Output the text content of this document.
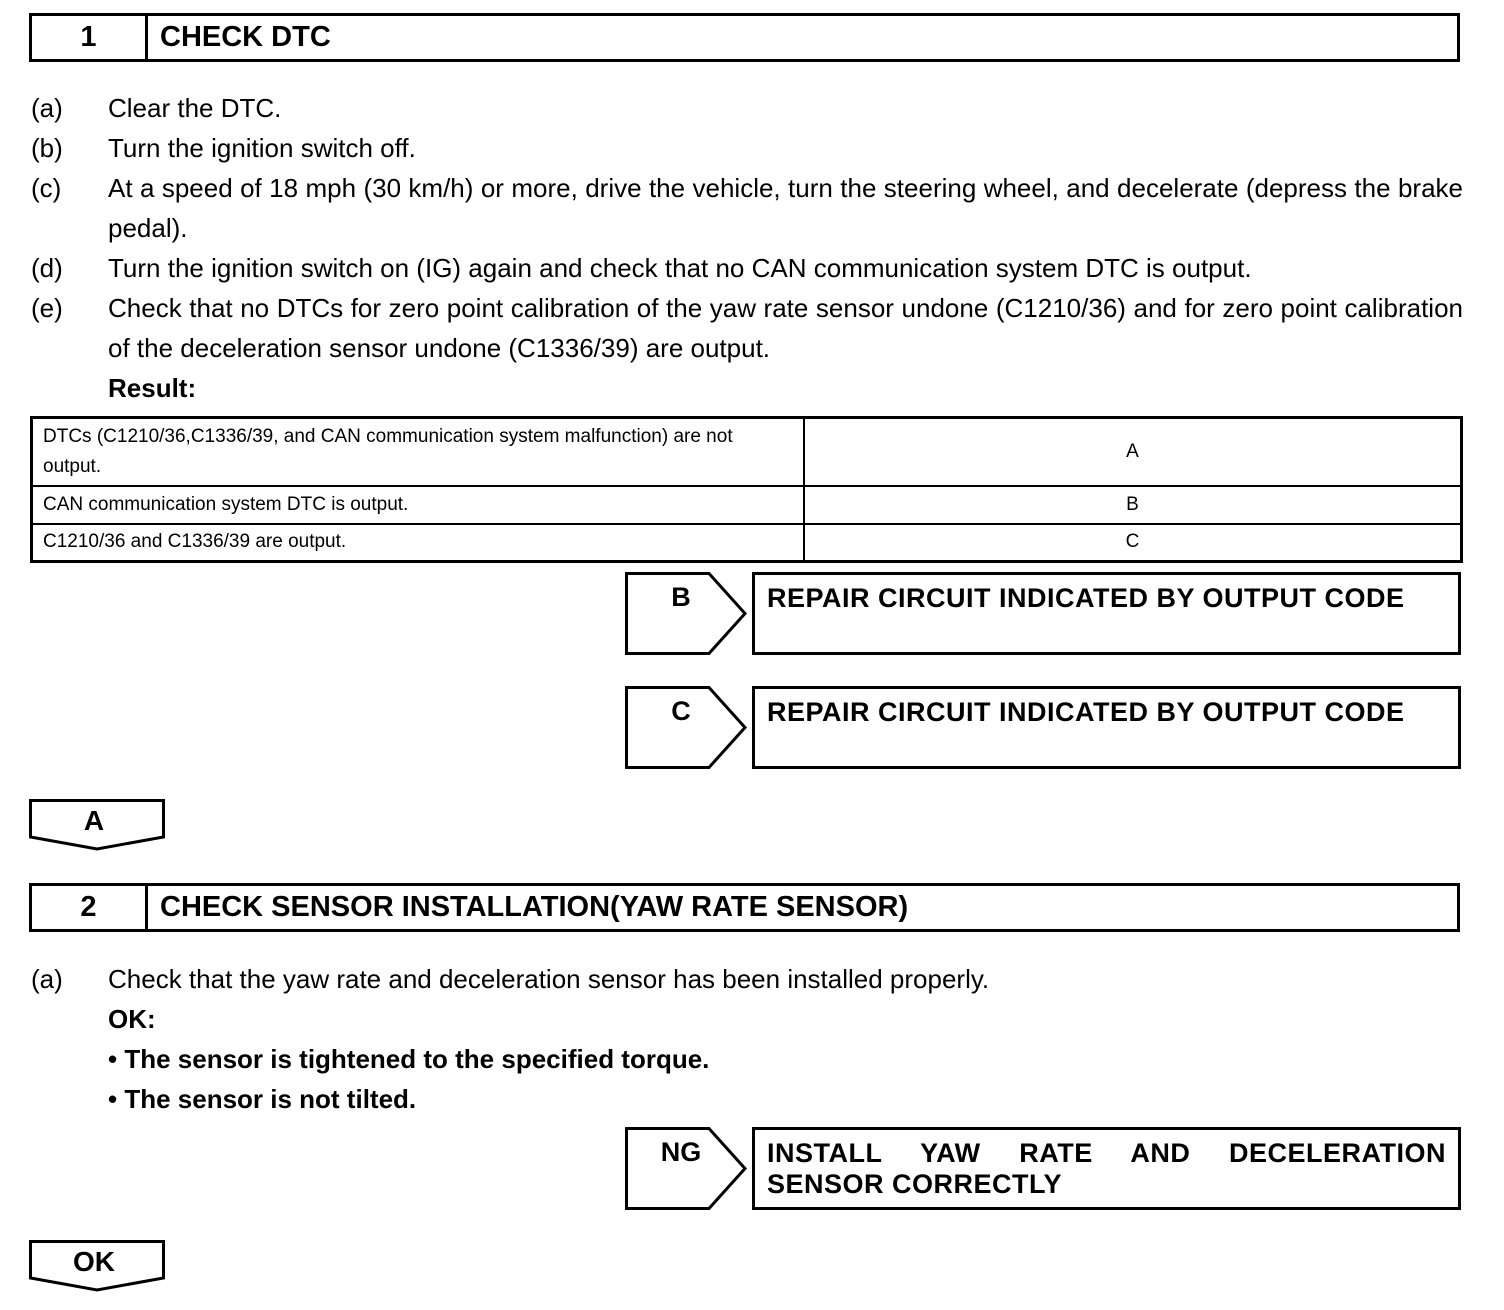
1	CHECK DTC
(a)	Clear the DTC.
(b)	Turn the ignition switch off.
(c)	At a speed of 18 mph (30 km/h) or more, drive the vehicle, turn the steering wheel, and decelerate (depress the brake pedal).
(d)	Turn the ignition switch on (IG) again and check that no CAN communication system DTC is output.
(e)	Check that no DTCs for zero point calibration of the yaw rate sensor undone (C1210/36) and for zero point calibration of the deceleration sensor undone (C1336/39) are output.
Result:
DTCs (C1210/36,C1336/39, and CAN communication system malfunction) are not output.	A
CAN communication system DTC is output.	B
C1210/36 and C1336/39 are output.	C
B	REPAIR CIRCUIT INDICATED BY OUTPUT CODE
C	REPAIR CIRCUIT INDICATED BY OUTPUT CODE
A
2	CHECK SENSOR INSTALLATION(YAW RATE SENSOR)
(a)	Check that the yaw rate and deceleration sensor has been installed properly.
OK:
• The sensor is tightened to the specified torque.
• The sensor is not tilted.
NG	INSTALL YAW RATE AND DECELERATION SENSOR CORRECTLY
OK
